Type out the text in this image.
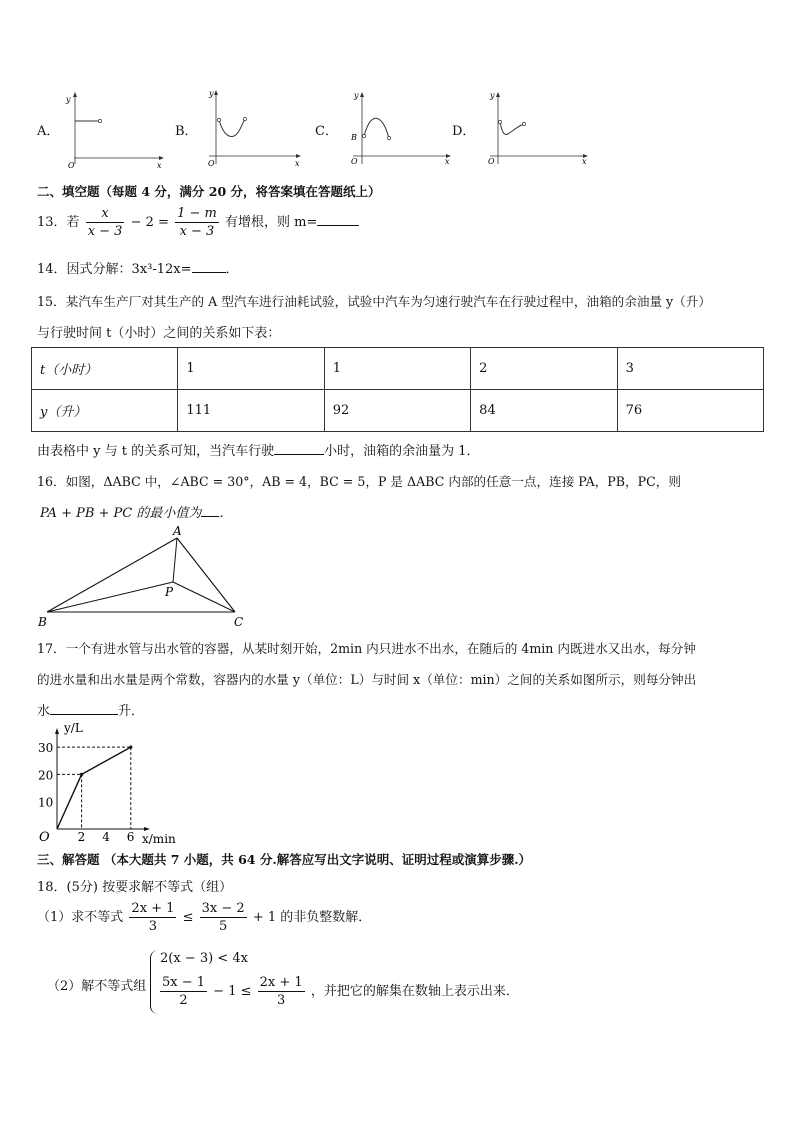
A．
O	x
y
B．
O	x
y
C． B
O	x
y
D．
O	x
y
二、填空题（每题 4 分，满分 20 分，将答案填在答题纸上）
13．若 $\frac{x}{x - 3} - 2 = \frac{1 - m}{x - 3}$ 有增根，则 m=
14．因式分解：3x³-12x=	．
15．某汽车生产厂对其生产的 A 型汽车进行油耗试验，试验中汽车为匀速行驶汽车在行驶过程中，油箱的余油量 y（升）
与行驶时间 t（小时）之间的关系如下表：
t（小时）	1	1	2	3
y（升）	111	92	84	76
由表格中 y 与 t 的关系可知，当汽车行驶	小时，油箱的余油量为 1．
16．如图，ΔABC 中，∠ABC = 30°，AB = 4，BC = 5，P 是 ΔABC 内部的任意一点，连接 PA，PB，PC，则
PA + PB + PC 的最小值为 ．
A
B	C
P
17．一个有进水管与出水管的容器，从某时刻开始，2min 内只进水不出水，在随后的 4min 内既进水又出水，每分钟
的进水量和出水量是两个常数，容器内的水量 y（单位：L）与时间 x（单位：min）之间的关系如图所示，则每分钟出
水	升．
2 4 6
10
20
30
y/L
x/min
O
三、解答题 （本大题共 7 小题，共 64 分.解答应写出文字说明、证明过程或演算步骤.）
18．(5分) 按要求解不等式（组）
（1）求不等式 $\frac{2x + 1}{3} \le \frac{3x - 2}{5} + 1$ 的非负整数解．
（2）解不等式组
2(x − 3) < 4x
$\frac{5x - 1}{2} - 1 \le \frac{2x + 1}{3}$ ，并把它的解集在数轴上表示出来．
